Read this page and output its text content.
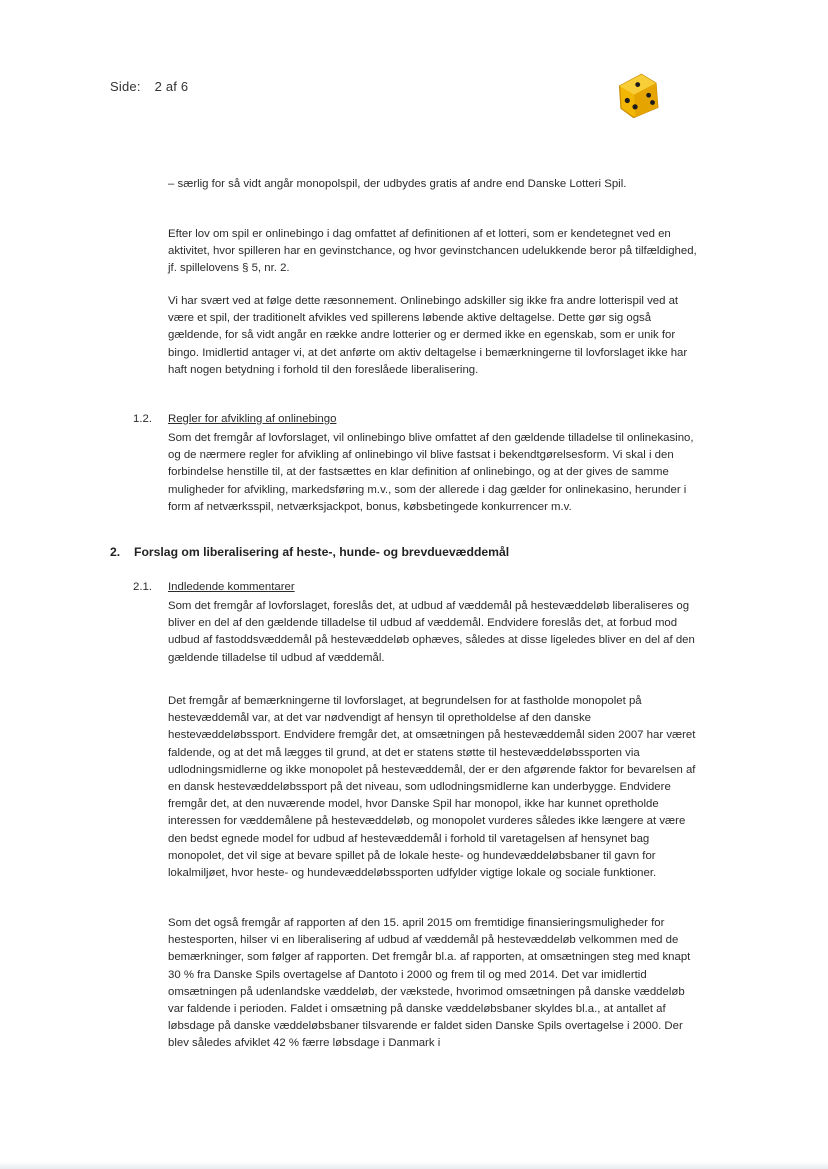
Side: 2 af 6

– særlig for så vidt angår monopolspil, der udbydes gratis af andre end Danske Lotteri Spil.

Efter lov om spil er onlinebingo i dag omfattet af definitionen af et lotteri, som er kendetegnet ved en aktivitet, hvor spilleren har en gevinstchance, og hvor gevinstchancen udelukkende beror på tilfældighed, jf. spillelovens § 5, nr. 2.

Vi har svært ved at følge dette ræsonnement. Onlinebingo adskiller sig ikke fra andre lotterispil ved at være et spil, der traditionelt afvikles ved spillerens løbende aktive deltagelse. Dette gør sig også gældende, for så vidt angår en række andre lotterier og er dermed ikke en egenskab, som er unik for bingo. Imidlertid antager vi, at det anførte om aktiv deltagelse i bemærkningerne til lovforslaget ikke har haft nogen betydning i forhold til den foreslåede liberalisering.

1.2. Regler for afvikling af onlinebingo

Som det fremgår af lovforslaget, vil onlinebingo blive omfattet af den gældende tilladelse til onlinekasino, og de nærmere regler for afvikling af onlinebingo vil blive fastsat i bekendtgørelsesform. Vi skal i den forbindelse henstille til, at der fastsættes en klar definition af onlinebingo, og at der gives de samme muligheder for afvikling, markedsføring m.v., som der allerede i dag gælder for onlinekasino, herunder i form af netværksspil, netværksjackpot, bonus, købsbetingede konkurrencer m.v.

2. Forslag om liberalisering af heste-, hunde- og brevduevæddemål
2.1. Indledende kommentarer

Som det fremgår af lovforslaget, foreslås det, at udbud af væddemål på hestevæddeløb liberaliseres og bliver en del af den gældende tilladelse til udbud af væddemål. Endvidere foreslås det, at forbud mod udbud af fastoddsvæddemål på hestevæddeløb ophæves, således at disse ligeledes bliver en del af den gældende tilladelse til udbud af væddemål.

Det fremgår af bemærkningerne til lovforslaget, at begrundelsen for at fastholde monopolet på hestevæddemål var, at det var nødvendigt af hensyn til opretholdelse af den danske hestevæddeløbssport. Endvidere fremgår det, at omsætningen på hestevæddemål siden 2007 har været faldende, og at det må lægges til grund, at det er statens støtte til hestevæddeløbssporten via udlodningsmidlerne og ikke monopolet på hestevæddemål, der er den afgørende faktor for bevarelsen af en dansk hestevæddeløbssport på det niveau, som udlodningsmidlerne kan underbygge. Endvidere fremgår det, at den nuværende model, hvor Danske Spil har monopol, ikke har kunnet opretholde interessen for væddemålene på hestevæddeløb, og monopolet vurderes således ikke længere at være den bedst egnede model for udbud af hestevæddemål i forhold til varetagelsen af hensynet bag monopolet, det vil sige at bevare spillet på de lokale heste- og hundevæddeløbsbaner til gavn for lokalmiljøet, hvor heste- og hundevæddeløbssporten udfylder vigtige lokale og sociale funktioner.

Som det også fremgår af rapporten af den 15. april 2015 om fremtidige finansieringsmuligheder for hestesporten, hilser vi en liberalisering af udbud af væddemål på hestevæddeløb velkommen med de bemærkninger, som følger af rapporten. Det fremgår bl.a. af rapporten, at omsætningen steg med knapt 30 % fra Danske Spils overtagelse af Dantoto i 2000 og frem til og med 2014. Det var imidlertid omsætningen på udenlandske væddeløb, der vækstede, hvorimod omsætningen på danske væddeløb var faldende i perioden. Faldet i omsætning på danske væddeløbsbaner skyldes bl.a., at antallet af løbsdage på danske væddeløbsbaner tilsvarende er faldet siden Danske Spils overtagelse i 2000. Der blev således afviklet 42 % færre løbsdage i Danmark i
